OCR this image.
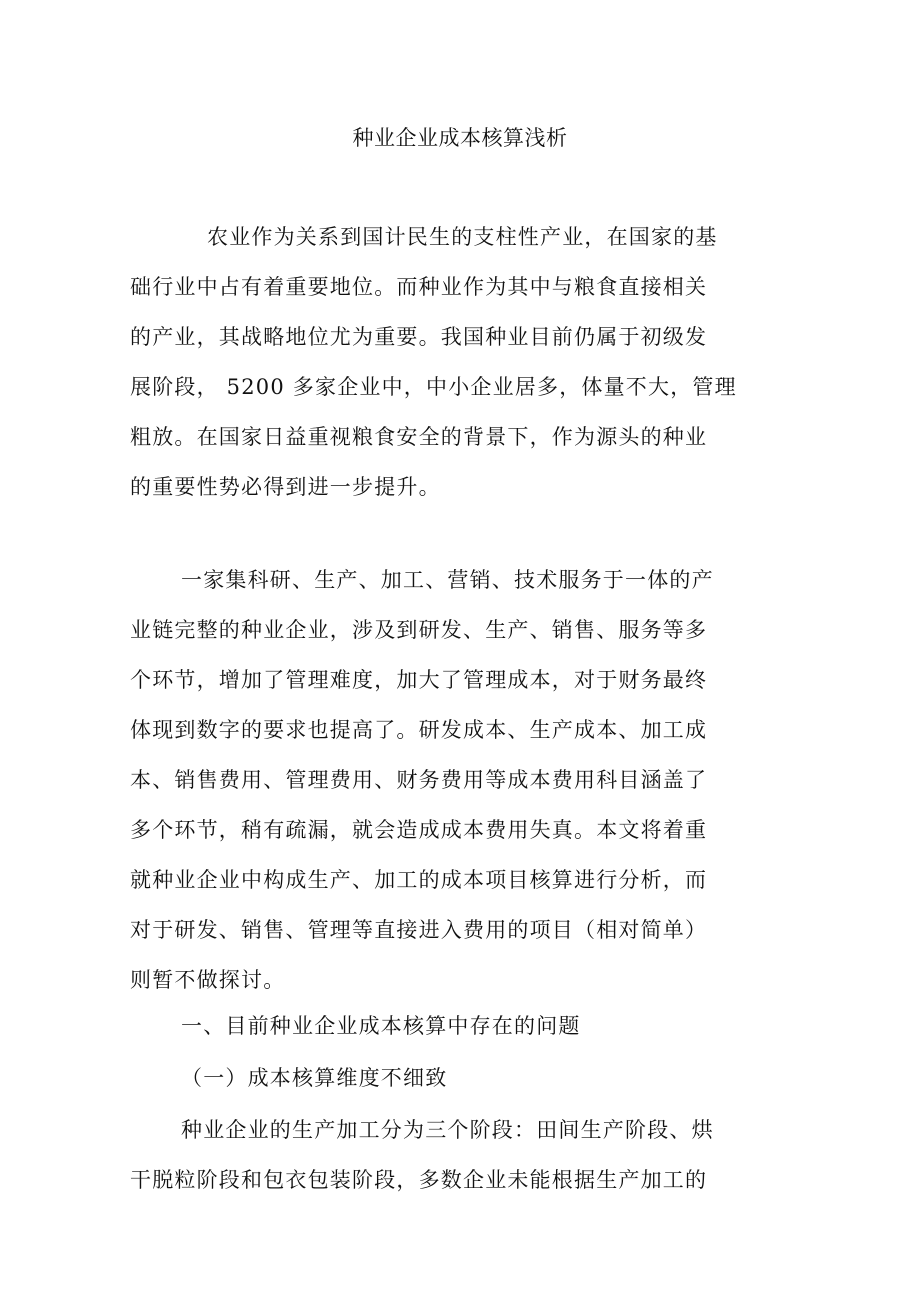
种业企业成本核算浅析
农业作为关系到国计民生的支柱性产业，在国家的基
础行业中占有着重要地位。而种业作为其中与粮食直接相关
的产业，其战略地位尤为重要。我国种业目前仍属于初级发
展阶段， 5200 多家企业中，中小企业居多，体量不大，管理
粗放。在国家日益重视粮食安全的背景下，作为源头的种业
的重要性势必得到进一步提升。
一家集科研、生产、加工、营销、技术服务于一体的产
业链完整的种业企业，涉及到研发、生产、销售、服务等多
个环节，增加了管理难度，加大了管理成本，对于财务最终
体现到数字的要求也提高了。研发成本、生产成本、加工成
本、销售费用、管理费用、财务费用等成本费用科目涵盖了
多个环节，稍有疏漏，就会造成成本费用失真。本文将着重
就种业企业中构成生产、加工的成本项目核算进行分析，而
对于研发、销售、管理等直接进入费用的项目（相对简单）
则暂不做探讨。
一、目前种业企业成本核算中存在的问题
（一）成本核算维度不细致
种业企业的生产加工分为三个阶段：田间生产阶段、烘
干脱粒阶段和包衣包装阶段，多数企业未能根据生产加工的
